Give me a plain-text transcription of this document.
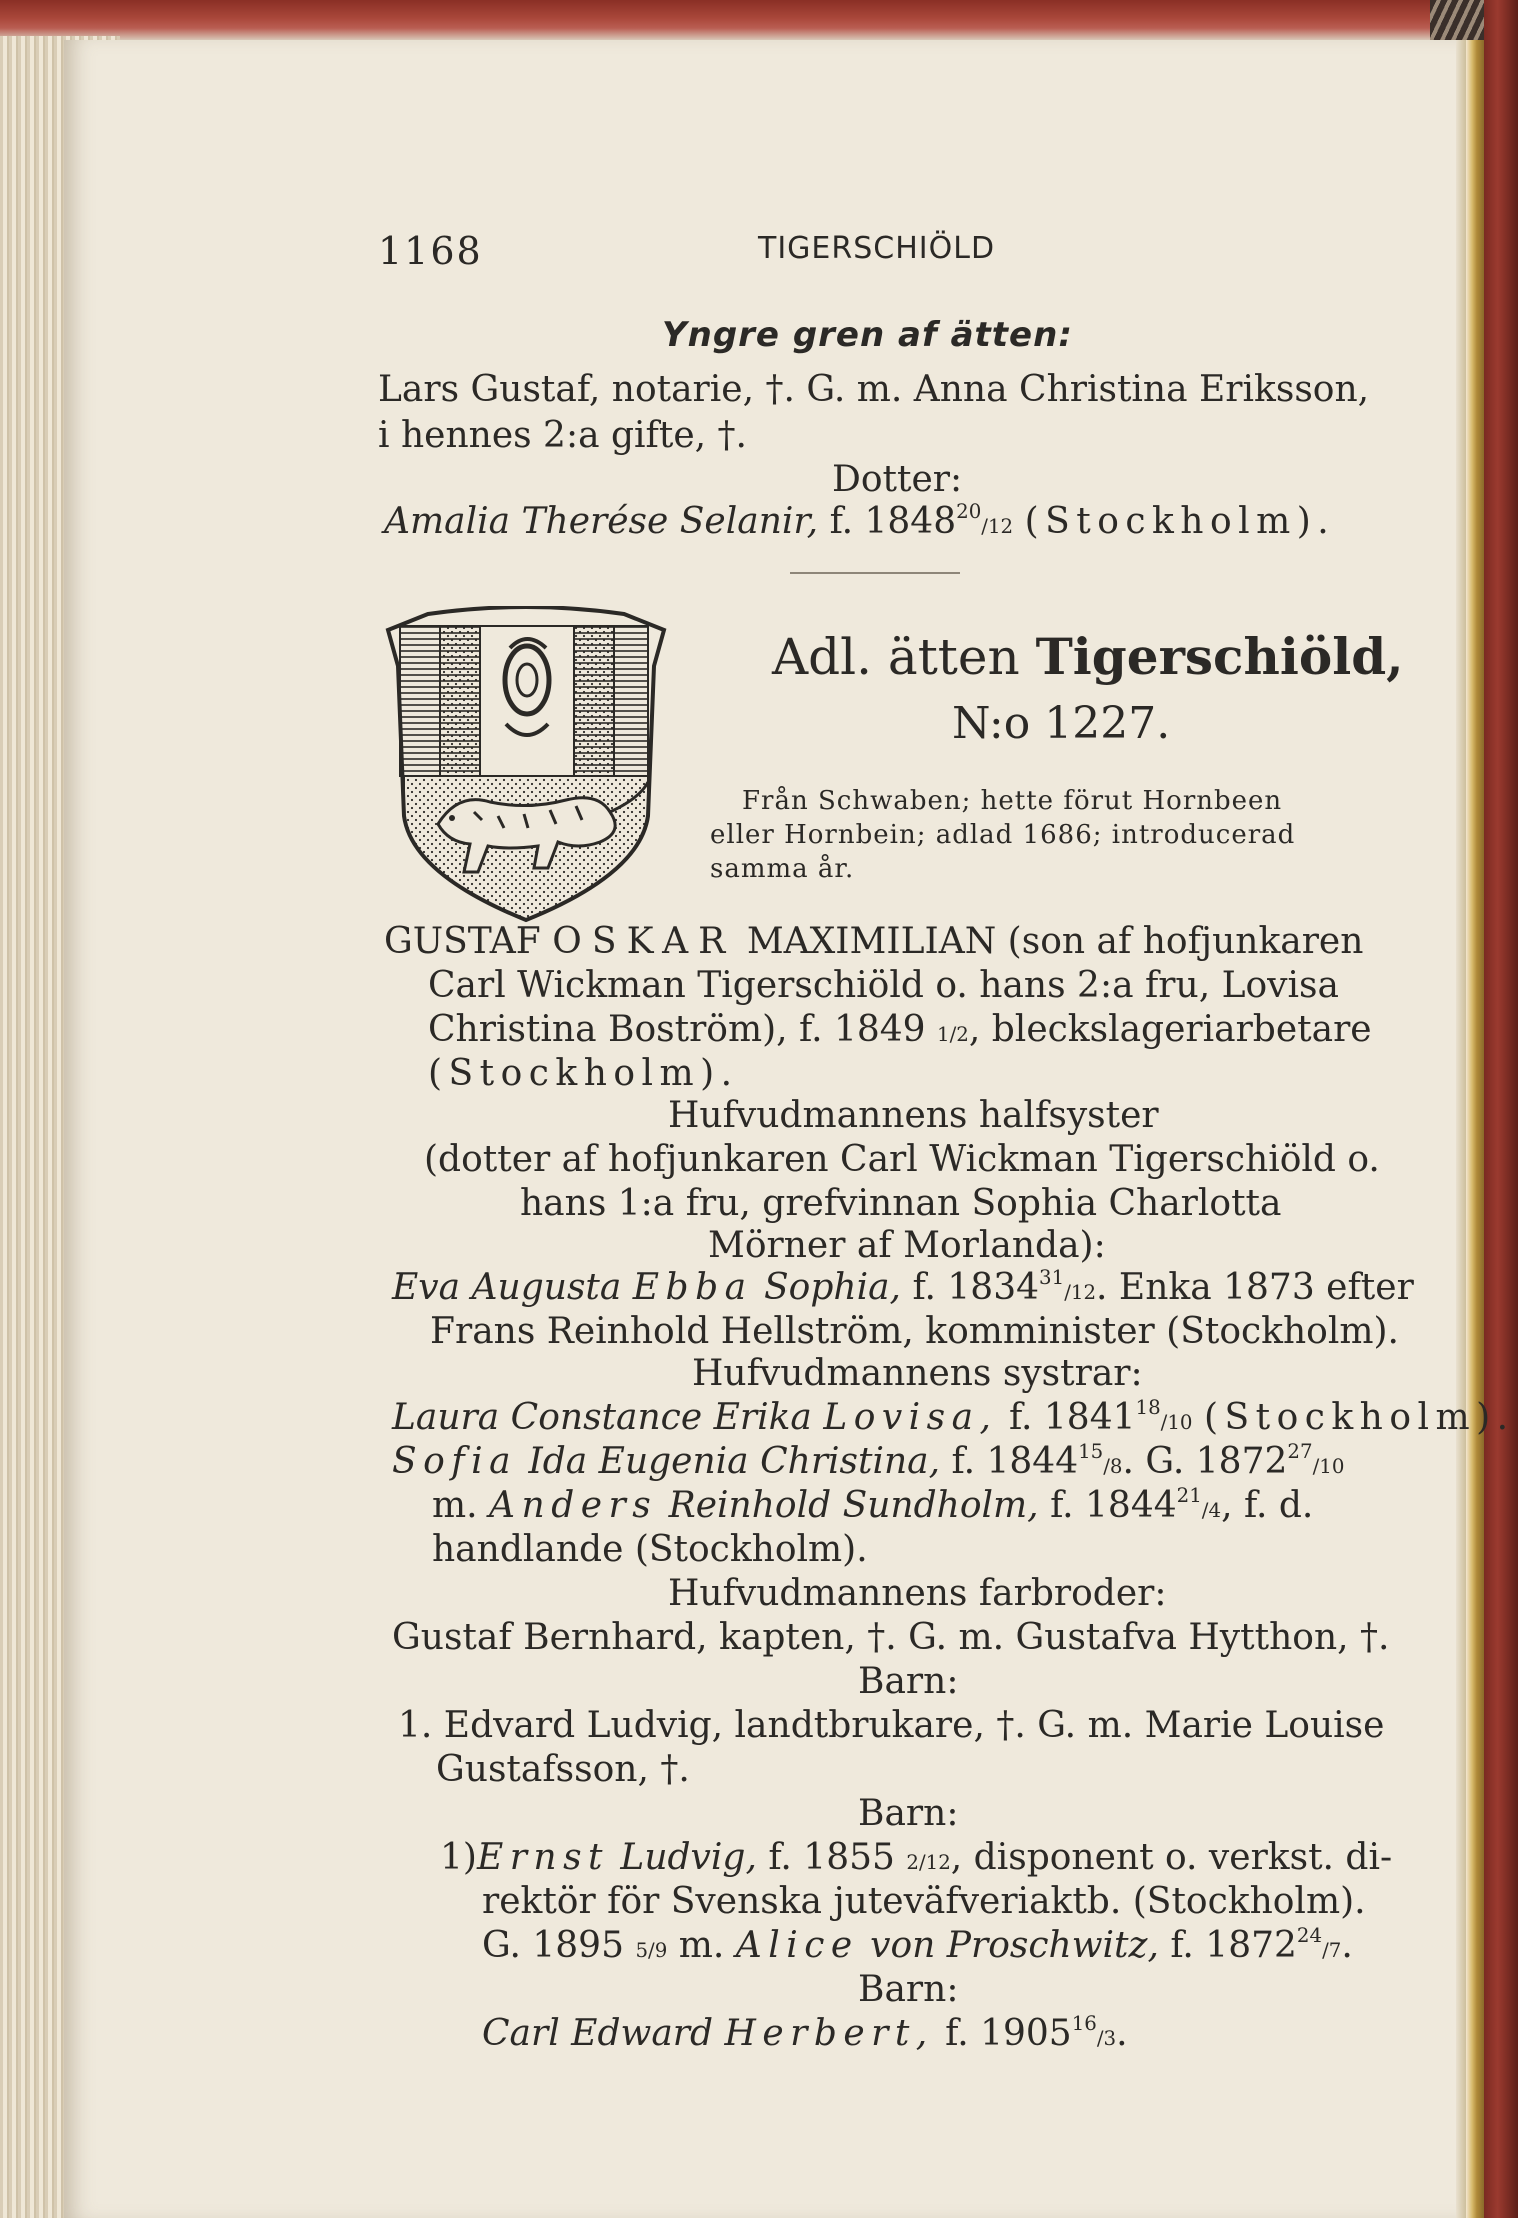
1168	TIGERSCHIÖLD
Yngre gren af ätten:
Lars Gustaf, notarie, †. G. m. Anna Christina Eriksson,
i hennes 2:a gifte, †.
Dotter:
Amalia Therése Selanir, f. 1848$^{20}$/12 (Stockholm).
Adl. ätten Tigerschiöld,
N:o 1227.
Från Schwaben; hette förut Hornbeen
eller Hornbein; adlad 1686; introducerad
samma år.
GUSTAF OSKAR MAXIMILIAN (son af hofjunkaren
Carl Wickman Tigerschiöld o. hans 2:a fru, Lovisa
Christina Boström), f. 1849 1/2, bleckslageriarbetare
(Stockholm).
Hufvudmannens halfsyster
(dotter af hofjunkaren Carl Wickman Tigerschiöld o.
hans 1:a fru, grefvinnan Sophia Charlotta
Mörner af Morlanda):
Eva Augusta Ebba Sophia, f. 1834$^{31}$/12. Enka 1873 efter
Frans Reinhold Hellström, komminister (Stockholm).
Hufvudmannens systrar:
Laura Constance Erika Lovisa, f. 1841$^{18}$/10 (Stockholm).
Sofia Ida Eugenia Christina, f. 1844$^{15}$/8. G. 1872$^{27}$/10
m. Anders Reinhold Sundholm, f. 1844$^{21}$/4, f. d.
handlande (Stockholm).
Hufvudmannens farbroder:
Gustaf Bernhard, kapten, †. G. m. Gustafva Hytthon, †.
Barn:
1. Edvard Ludvig, landtbrukare, †. G. m. Marie Louise
Gustafsson, †.
Barn:
1)Ernst Ludvig, f. 1855 2/12, disponent o. verkst. di-
rektör för Svenska juteväfveriaktb. (Stockholm).
G. 1895 5/9 m. Alice von Proschwitz, f. 1872$^{24}$/7.
Barn:
Carl Edward Herbert, f. 1905$^{16}$/3.
